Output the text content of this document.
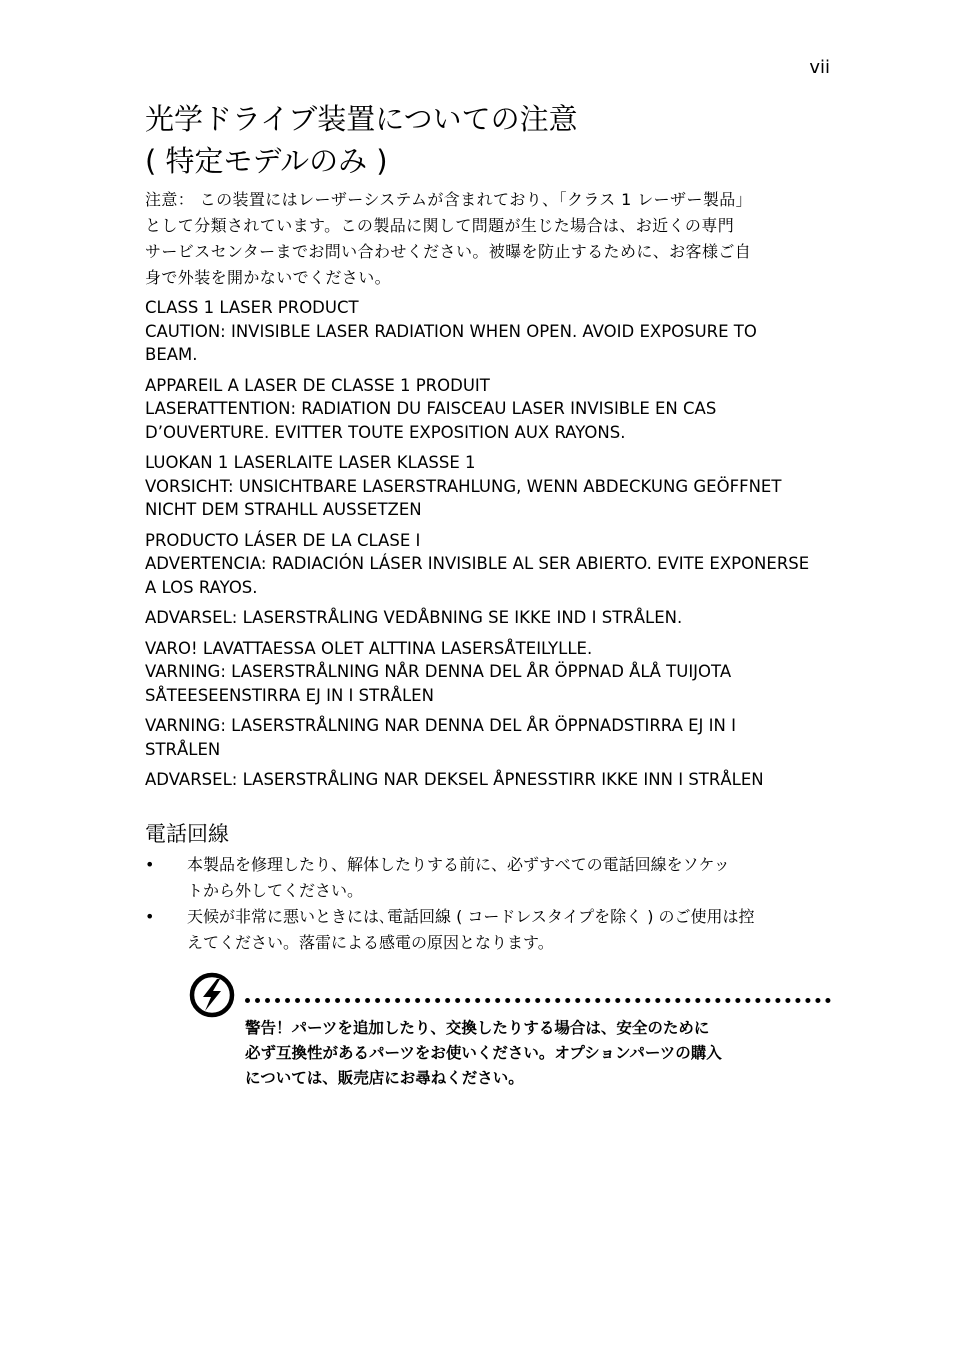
vii
光学ドライブ装置についての注意
( 特定モデルのみ )

注意： この装置にはレーザーシステムが含まれており、「クラス 1 レーザー製品」
として分類されています。この製品に関して問題が生じた場合は、お近くの専門
サービスセンターまでお問い合わせください。被曝を防止するために、お客様ご自
身で外装を開かないでください。

CLASS 1 LASER PRODUCT
CAUTION: INVISIBLE LASER RADIATION WHEN OPEN. AVOID EXPOSURE TO
BEAM.

APPAREIL A LASER DE CLASSE 1 PRODUIT
LASERATTENTION: RADIATION DU FAISCEAU LASER INVISIBLE EN CAS
D’OUVERTURE. EVITTER TOUTE EXPOSITION AUX RAYONS.

LUOKAN 1 LASERLAITE LASER KLASSE 1
VORSICHT: UNSICHTBARE LASERSTRAHLUNG, WENN ABDECKUNG GEÖFFNET
NICHT DEM STRAHLL AUSSETZEN

PRODUCTO LÁSER DE LA CLASE I
ADVERTENCIA: RADIACIÓN LÁSER INVISIBLE AL SER ABIERTO. EVITE EXPONERSE
A LOS RAYOS.

ADVARSEL: LASERSTRÅLING VEDÅBNING SE IKKE IND I STRÅLEN.

VARO! LAVATTAESSA OLET ALTTINA LASERSÅTEILYLLE.
VARNING: LASERSTRÅLNING NÅR DENNA DEL ÅR ÖPPNAD ÅLÅ TUIJOTA
SÅTEESEENSTIRRA EJ IN I STRÅLEN

VARNING: LASERSTRÅLNING NAR DENNA DEL ÅR ÖPPNADSTIRRA EJ IN I
STRÅLEN

ADVARSEL: LASERSTRÅLING NAR DEKSEL ÅPNESSTIRR IKKE INN I STRÅLEN

電話回線
• 本製品を修理したり、解体したりする前に、必ずすべての電話回線をソケッ
トから外してください。
• 天候が非常に悪いときには､電話回線 ( コードレスタイプを除く ) のご使用は控
えてください。落雷による感電の原因となります。
警告！パーツを追加したり、交換したりする場合は、安全のために
必ず互換性があるパーツをお使いください。オプションパーツの購入
については、販売店にお尋ねください。
